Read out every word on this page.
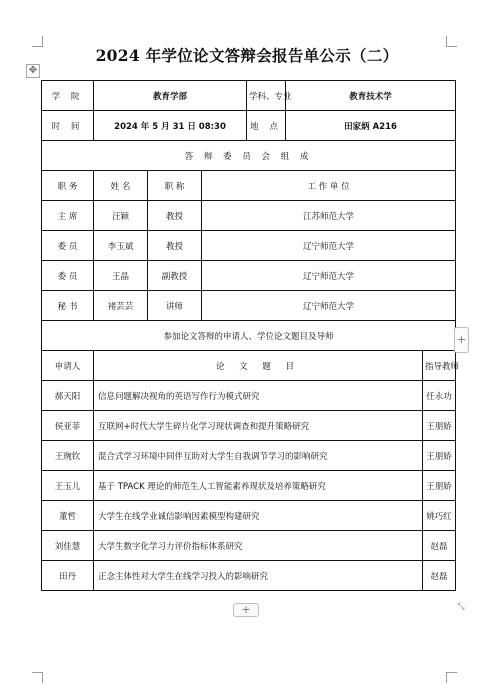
✥
2024 年学位论文答辩会报告单公示（二）
学 院	教育学部			学科、专业	教育技术学	
时 间	2024 年 5 月 31 日 08:30			地 点	田家炳 A216	
答 辩 委 员 会 组 成						
职 务	姓 名	职 称	工 作 单 位			
主 席	汪颖	教授	江苏师范大学			
委 员	李玉斌	教授	辽宁师范大学			
委 员	王晶	副教授	辽宁师范大学			
秘 书	褚芸芸	讲师	辽宁师范大学			
参加论文答辩的申请人、学位论文题目及导师						
申请人	论 文 题 目					指导教师
郝天阳	信息问题解决视角的英语写作行为模式研究					任永功
侯亚菲	互联网+时代大学生碎片化学习现状调查和提升策略研究					王朋娇
王琬钦	混合式学习环境中同伴互助对大学生自我调节学习的影响研究					王朋娇
王玉儿	基于 TPACK 理论的师范生人工智能素养现状及培养策略研究					王朋娇
董哲	大学生在线学业诚信影响因素模型构建研究					姚巧红
刘佳慧	大学生数字化学习力评价指标体系研究					赵磊
田丹	正念主体性对大学生在线学习投入的影响研究					赵磊
+
+	⤡
